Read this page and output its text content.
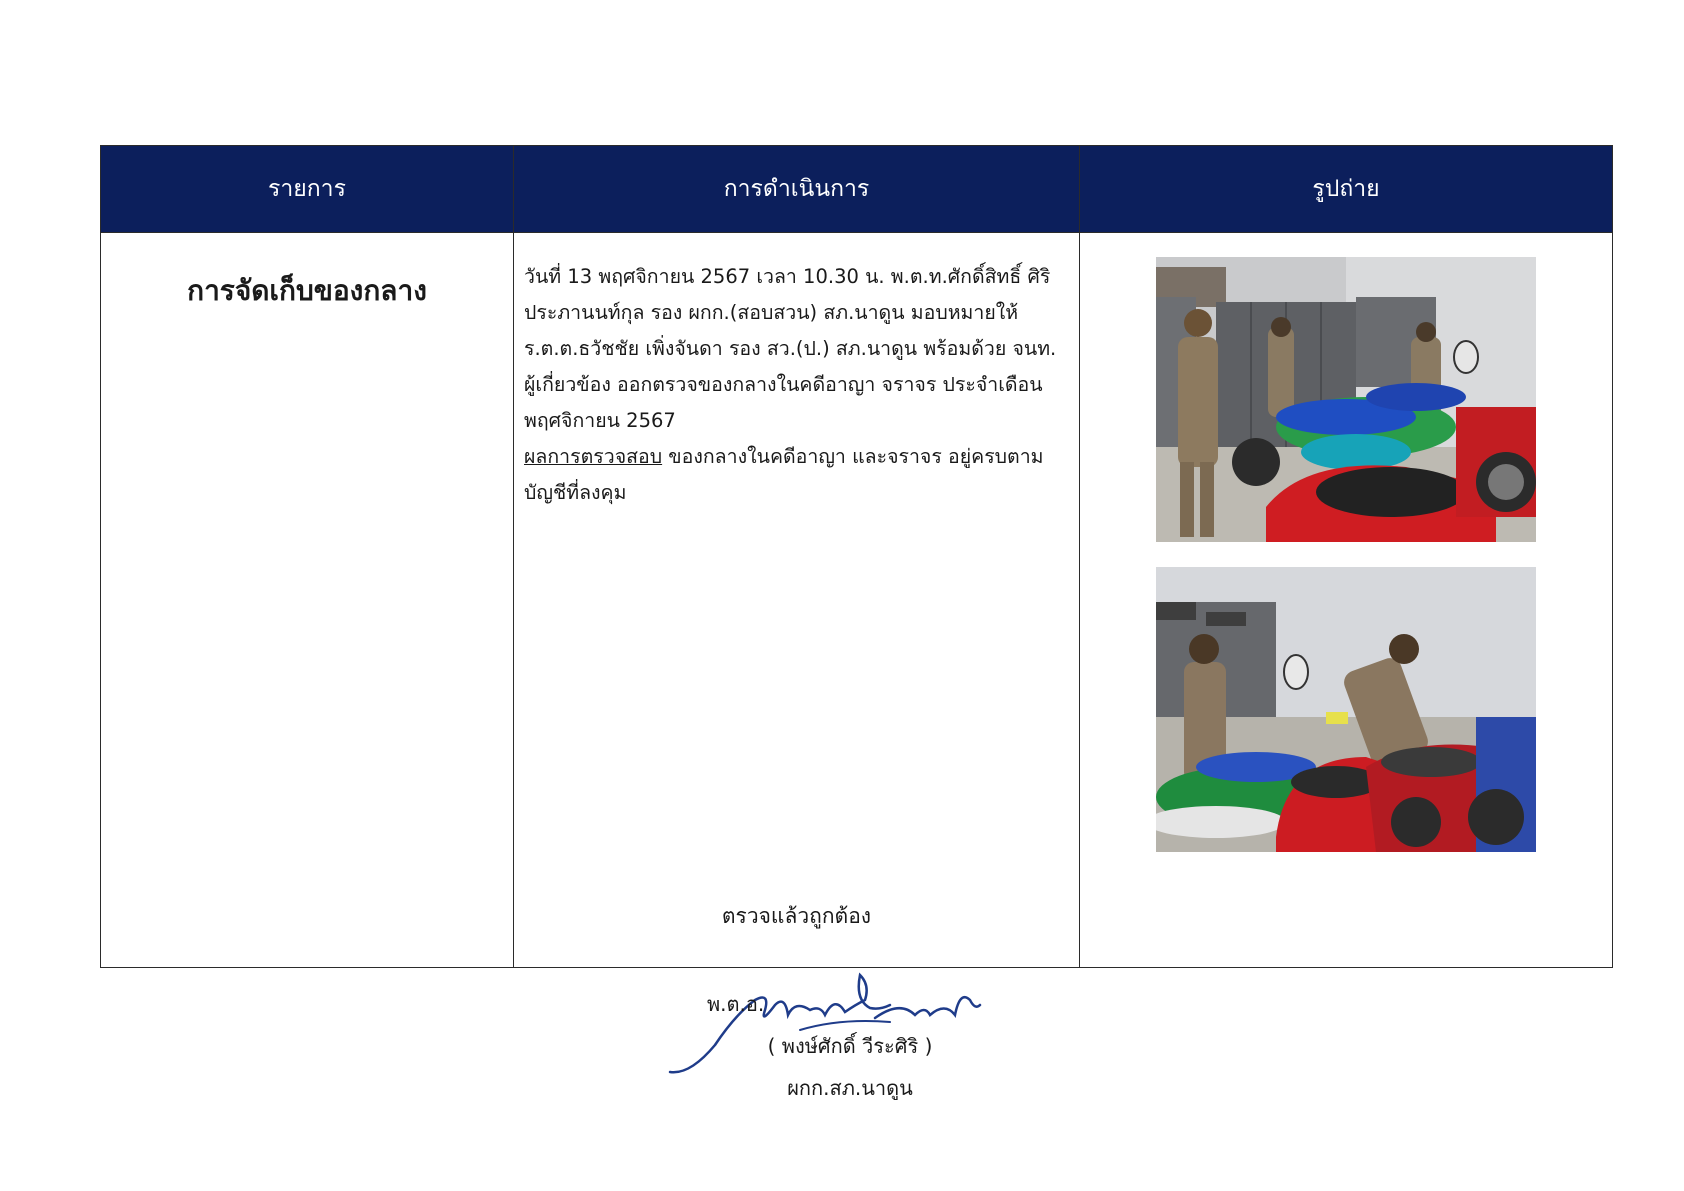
รายการ	การดำเนินการ	รูปถ่าย

การจัดเก็บของกลาง	วันที่ 13 พฤศจิกายน 2567 เวลา 10.30 น. พ.ต.ท.ศักดิ์สิทธิ์ ศิริประภานนท์กุล รอง ผกก.(สอบสวน) สภ.นาดูน มอบหมายให้ ร.ต.ต.ธวัชชัย เพิ่งจันดา รอง สว.(ป.) สภ.นาดูน พร้อมด้วย จนท. ผู้เกี่ยวข้อง ออกตรวจของกลางในคดีอาญา จราจร ประจำเดือน พฤศจิกายน 2567
ผลการตรวจสอบ ของกลางในคดีอาญา และจราจร อยู่ครบตาม บัญชีที่ลงคุม
ตรวจแล้วถูกต้อง

พ.ต.อ.
( พงษ์ศักดิ์ วีระศิริ )
ผกก.สภ.นาดูน
